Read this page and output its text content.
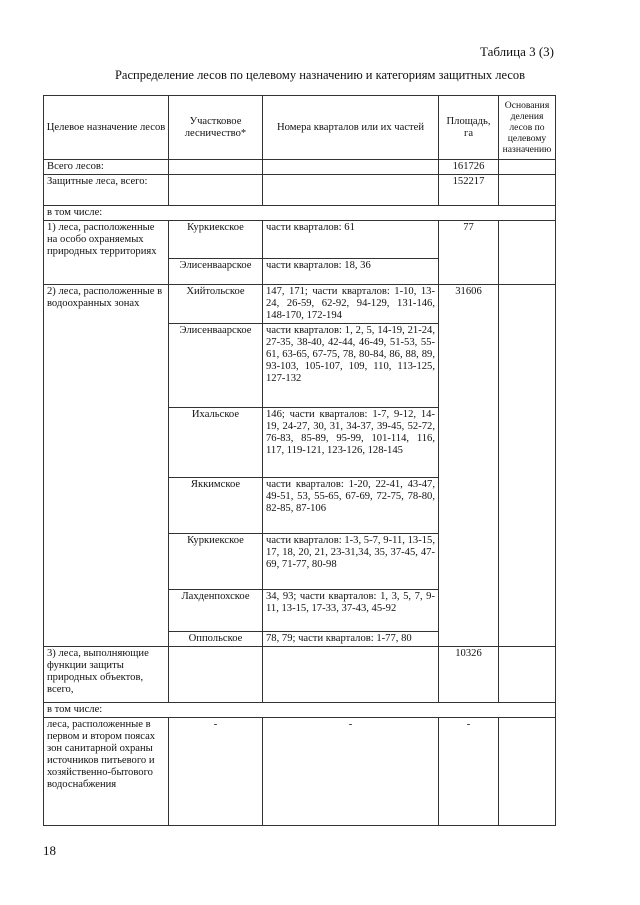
Таблица 3 (3)
Распределение лесов по целевому назначению и категориям защитных лесов
Целевое назначение лесов	Участковое лесничество*	Номера кварталов или их частей	Площадь, га	Основания деления лесов по целевому назначению
Всего лесов:			161726	
Защитные леса, всего:			152217	
в том числе:				
1) леса, расположенные на особо охраняемых природных территориях	Куркиекское	части кварталов: 61	77	
	Элисенваарское	части кварталов: 18, 36		
2) леса, расположенные в водоохранных зонах	Хийтольское	147, 171; части кварталов: 1-10, 13-24, 26-59, 62-92, 94-129, 131-146, 148-170, 172-194	31606	
	Элисенваарское	части кварталов: 1, 2, 5, 14-19, 21-24, 27-35, 38-40, 42-44, 46-49, 51-53, 55-61, 63-65, 67-75, 78, 80-84, 86, 88, 89, 93-103, 105-107, 109, 110, 113-125, 127-132		
	Ихальское	146; части кварталов: 1-7, 9-12, 14-19, 24-27, 30, 31, 34-37, 39-45, 52-72, 76-83, 85-89, 95-99, 101-114, 116, 117, 119-121, 123-126, 128-145		
	Яккимское	части кварталов: 1-20, 22-41, 43-47, 49-51, 53, 55-65, 67-69, 72-75, 78-80, 82-85, 87-106		
	Куркиекское	части кварталов: 1-3, 5-7, 9-11, 13-15, 17, 18, 20, 21, 23-31,34, 35, 37-45, 47-69, 71-77, 80-98		
	Лахденпохское	34, 93; части кварталов: 1, 3, 5, 7, 9-11, 13-15, 17-33, 37-43, 45-92		
	Оппольское	78, 79; части кварталов: 1-77, 80		
3) леса, выполняющие функции защиты природных объектов, всего,			10326	
в том числе:				
леса, расположенные в первом и втором поясах зон санитарной охраны источников питьевого и хозяйственно-бытового водоснабжения	-	-	-	
18
